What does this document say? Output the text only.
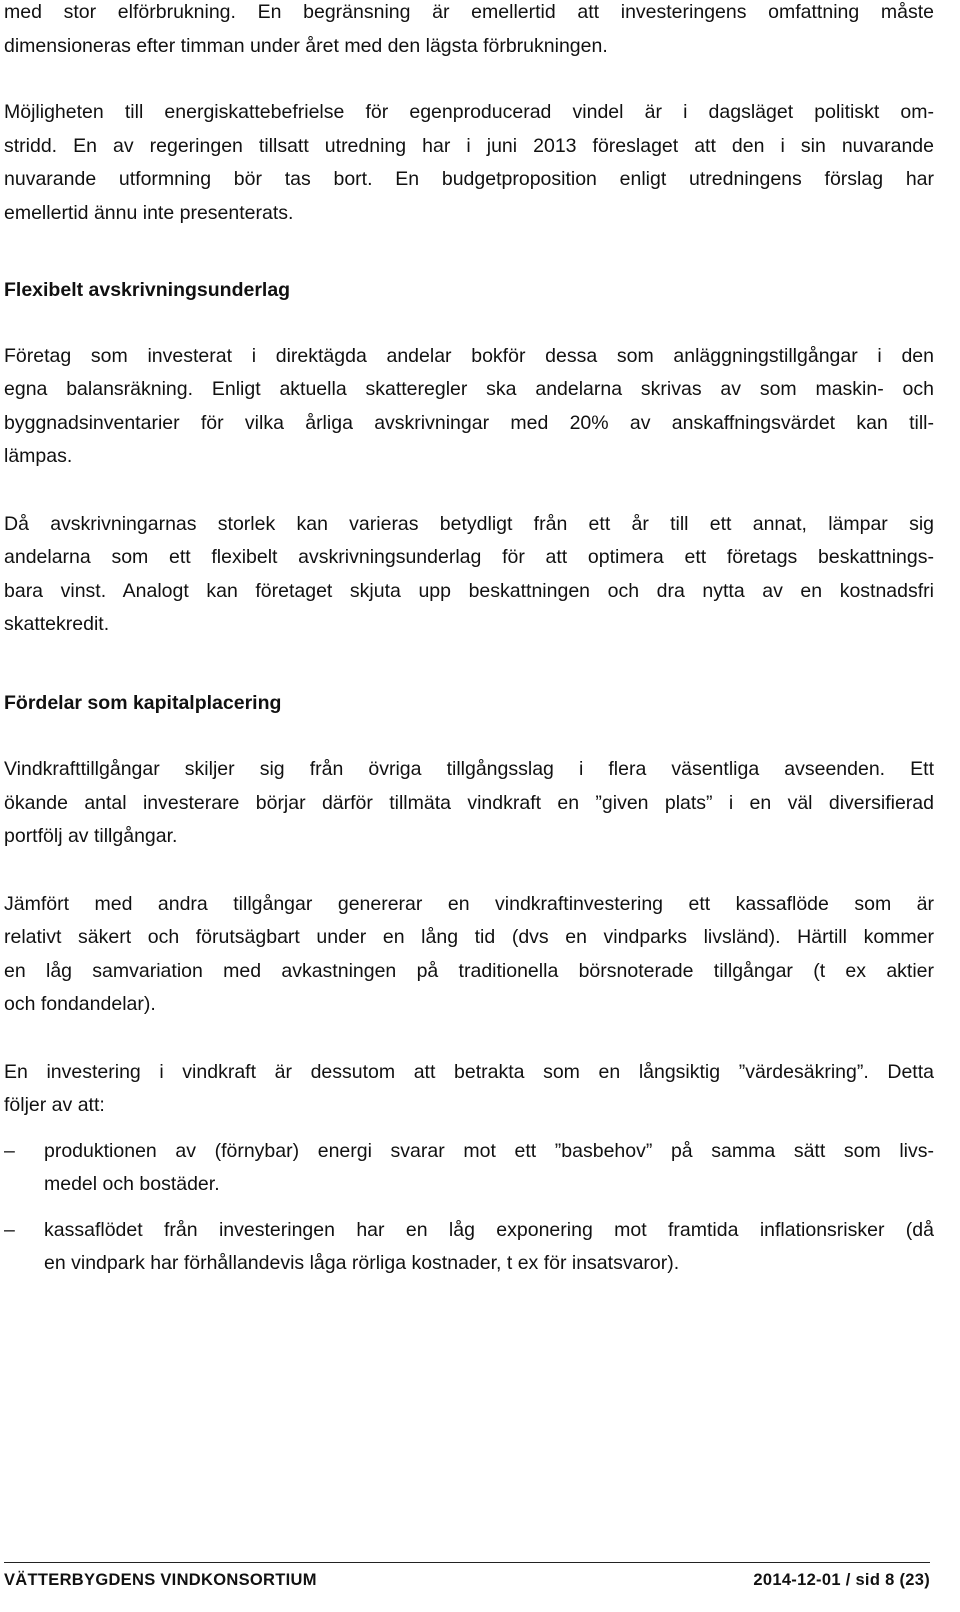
med stor elförbrukning. En begränsning är emellertid att investeringens omfattning måste
dimensioneras efter timman under året med den lägsta förbrukningen.

Möjligheten till energiskattebefrielse för egenproducerad vindel är i dagsläget politiskt om-
stridd. En av regeringen tillsatt utredning har i juni 2013 föreslaget att den i sin nuvarande
nuvarande utformning bör tas bort. En budgetproposition enligt utredningens förslag har
emellertid ännu inte presenterats.

Flexibelt avskrivningsunderlag

Företag som investerat i direktägda andelar bokför dessa som anläggningstillgångar i den
egna balansräkning. Enligt aktuella skatteregler ska andelarna skrivas av som maskin- och
byggnadsinventarier för vilka årliga avskrivningar med 20% av anskaffningsvärdet kan till-
lämpas.

Då avskrivningarnas storlek kan varieras betydligt från ett år till ett annat, lämpar sig
andelarna som ett flexibelt avskrivningsunderlag för att optimera ett företags beskattnings-
bara vinst. Analogt kan företaget skjuta upp beskattningen och dra nytta av en kostnadsfri
skattekredit.

Fördelar som kapitalplacering

Vindkrafttillgångar skiljer sig från övriga tillgångsslag i flera väsentliga avseenden. Ett
ökande antal investerare börjar därför tillmäta vindkraft en ”given plats” i en väl diversifierad
portfölj av tillgångar.

Jämfört med andra tillgångar genererar en vindkraftinvestering ett kassaflöde som är
relativt säkert och förutsägbart under en lång tid (dvs en vindparks livsländ). Härtill kommer
en låg samvariation med avkastningen på traditionella börsnoterade tillgångar (t ex aktier
och fondandelar).

En investering i vindkraft är dessutom att betrakta som en långsiktig ”värdesäkring”. Detta
följer av att:

–	produktionen av (förnybar) energi svarar mot ett ”basbehov” på samma sätt som livs-
medel och bostäder.
–	kassaflödet från investeringen har en låg exponering mot framtida inflationsrisker (då
en vindpark har förhållandevis låga rörliga kostnader, t ex för insatsvaror).
VÄTTERBYGDENS VINDKONSORTIUM	2014-12-01 / sid 8 (23)
